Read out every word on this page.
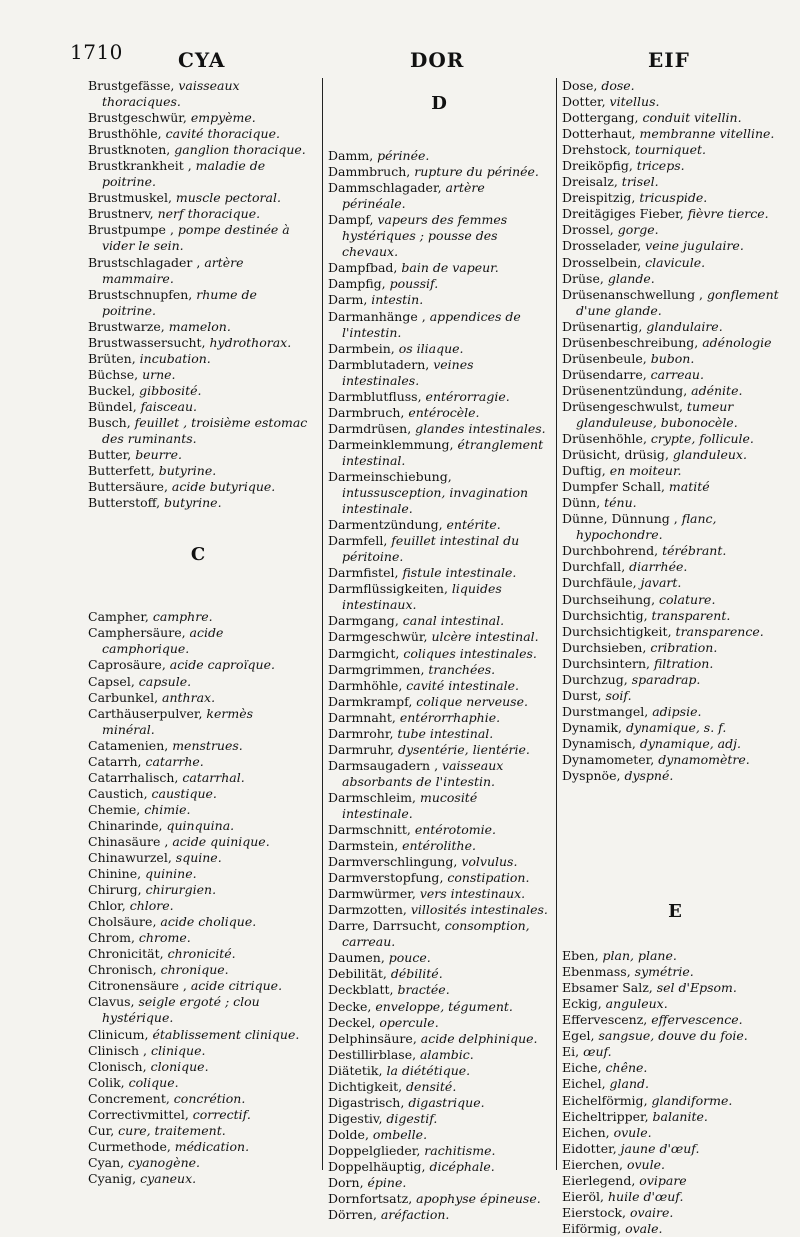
1710	CYA	DOR	EIF

Brustgefässe, vaisseaux thoraciques.

Brustgeschwür, empyème.

Brusthöhle, cavité thoracique.

Brustknoten, ganglion thoracique.

Brustkrankheit , maladie de poitrine.

Brustmuskel, muscle pectoral.

Brustnerv, nerf thoracique.

Brustpumpe , pompe destinée à vider le sein.

Brustschlagader , artère mammaire.

Brustschnupfen, rhume de poitrine.

Brustwarze, mamelon.

Brustwassersucht, hydrothorax.

Brüten, incubation.

Büchse, urne.

Buckel, gibbosité.

Bündel, faisceau.

Busch, feuillet , troisième estomac des ruminants.

Butter, beurre.

Butterfett, butyrine.

Buttersäure, acide butyrique.

Butterstoff, butyrine.

C

Campher, camphre.

Camphersäure, acide camphorique.

Caprosäure, acide caproïque.

Capsel, capsule.

Carbunkel, anthrax.

Carthäuserpulver, kermès minéral.

Catamenien, menstrues.

Catarrh, catarrhe.

Catarrhalisch, catarrhal.

Caustich, caustique.

Chemie, chimie.

Chinarinde, quinquina.

Chinasäure , acide quinique.

Chinawurzel, squine.

Chinine, quinine.

Chirurg, chirurgien.

Chlor, chlore.

Cholsäure, acide cholique.

Chrom, chrome.

Chronicität, chronicité.

Chronisch, chronique.

Citronensäure , acide citrique.

Clavus, seigle ergoté ; clou hystérique.

Clinicum, établissement clinique.

Clinisch , clinique.

Clonisch, clonique.

Colik, colique.

Concrement, concrétion.

Correctivmittel, correctif.

Cur, cure, traitement.

Curmethode, médication.

Cyan, cyanogène.

Cyanig, cyaneux.

D

Damm, périnée.

Dammbruch, rupture du périnée.

Dammschlagader, artère périnéale.

Dampf, vapeurs des femmes hystériques ; pousse des chevaux.

Dampfbad, bain de vapeur.

Dampfig, poussif.

Darm, intestin.

Darmanhänge , appendices de l'intestin.

Darmbein, os iliaque.

Darmblutadern, veines intestinales.

Darmblutfluss, entérorragie.

Darmbruch, entérocèle.

Darmdrüsen, glandes intestinales.

Darmeinklemmung, étranglement intestinal.

Darmeinschiebung, intussusception, invagination intestinale.

Darmentzündung, entérite.

Darmfell, feuillet intestinal du péritoine.

Darmfistel, fistule intestinale.

Darmflüssigkeiten, liquides intestinaux.

Darmgang, canal intestinal.

Darmgeschwür, ulcère intestinal.

Darmgicht, coliques intestinales.

Darmgrimmen, tranchées.

Darmhöhle, cavité intestinale.

Darmkrampf, colique nerveuse.

Darmnaht, entérorrhaphie.

Darmrohr, tube intestinal.

Darmruhr, dysentérie, lientérie.

Darmsaugadern , vaisseaux absorbants de l'intestin.

Darmschleim, mucosité intestinale.

Darmschnitt, entérotomie.

Darmstein, entérolithe.

Darmverschlingung, volvulus.

Darmverstopfung, constipation.

Darmwürmer, vers intestinaux.

Darmzotten, villosités intestinales.

Darre, Darrsucht, consomption, carreau.

Daumen, pouce.

Debilität, débilité.

Deckblatt, bractée.

Decke, enveloppe, tégument.

Deckel, opercule.

Delphinsäure, acide delphinique.

Destillirblase, alambic.

Diätetik, la diététique.

Dichtigkeit, densité.

Digastrisch, digastrique.

Digestiv, digestif.

Dolde, ombelle.

Doppelglieder, rachitisme.

Doppelhäuptig, dicéphale.

Dorn, épine.

Dornfortsatz, apophyse épineuse.

Dörren, aréfaction.

Dose, dose.

Dotter, vitellus.

Dottergang, conduit vitellin.

Dotterhaut, membranne vitelline.

Drehstock, tourniquet.

Dreiköpfig, triceps.

Dreisalz, trisel.

Dreispitzig, tricuspide.

Dreitägiges Fieber, fièvre tierce.

Drossel, gorge.

Drosselader, veine jugulaire.

Drosselbein, clavicule.

Drüse, glande.

Drüsenanschwellung , gonflement d'une glande.

Drüsenartig, glandulaire.

Drüsenbeschreibung, adénologie

Drüsenbeule, bubon.

Drüsendarre, carreau.

Drüsenentzündung, adénite.

Drüsengeschwulst, tumeur glanduleuse, bubonocèle.

Drüsenhöhle, crypte, follicule.

Drüsicht, drüsig, glanduleux.

Duftig, en moiteur.

Dumpfer Schall, matité

Dünn, ténu.

Dünne, Dünnung , flanc, hypochondre.

Durchbohrend, térébrant.

Durchfall, diarrhée.

Durchfäule, javart.

Durchseihung, colature.

Durchsichtig, transparent.

Durchsichtigkeit, transparence.

Durchsieben, cribration.

Durchsintern, filtration.

Durchzug, sparadrap.

Durst, soif.

Durstmangel, adipsie.

Dynamik, dynamique, s. f.

Dynamisch, dynamique, adj.

Dynamometer, dynamomètre.

Dyspnöe, dyspné.

E

Eben, plan, plane.

Ebenmass, symétrie.

Ebsamer Salz, sel d'Epsom.

Eckig, anguleux.

Effervescenz, effervescence.

Egel, sangsue, douve du foie.

Ei, œuf.

Eiche, chêne.

Eichel, gland.

Eichelförmig, glandiforme.

Eicheltripper, balanite.

Eichen, ovule.

Eidotter, jaune d'œuf.

Eierchen, ovule.

Eierlegend, ovipare

Eieröl, huile d'œuf.

Eierstock, ovaire.

Eiförmig, ovale.
